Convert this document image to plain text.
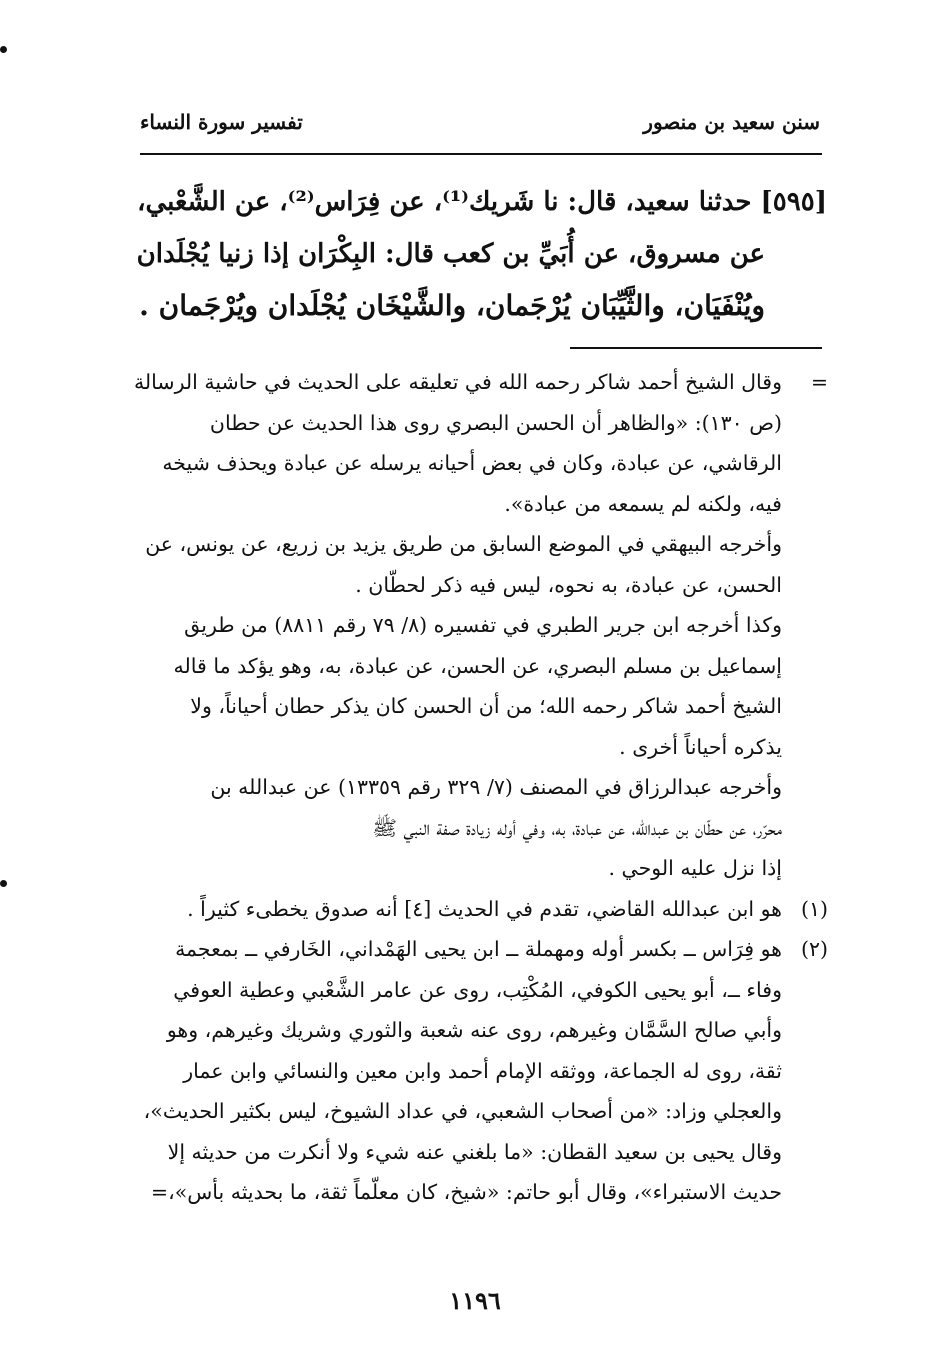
سنن سعيد بن منصور
تفسير سورة النساء
[٥٩٥] حدثنا سعيد، قال: نا شَريك⁽¹⁾، عن فِرَاس⁽²⁾، عن الشَّعْبي،
عن مسروق، عن أُبَيِّ بن كعب قال: البِكْرَان إذا زنيا يُجْلَدان
ويُنْفَيَان، والثَّيِّبَان يُرْجَمان، والشَّيْخَان يُجْلَدان ويُرْجَمان .
=
وقال الشيخ أحمد شاكر رحمه الله في تعليقه على الحديث في حاشية الرسالة
(ص ١٣٠): «والظاهر أن الحسن البصري روى هذا الحديث عن حطان
الرقاشي، عن عبادة، وكان في بعض أحيانه يرسله عن عبادة ويحذف شيخه
فيه، ولكنه لم يسمعه من عبادة».
وأخرجه البيهقي في الموضع السابق من طريق يزيد بن زريع، عن يونس، عن
الحسن، عن عبادة، به نحوه، ليس فيه ذكر لحطّان .
وكذا أخرجه ابن جرير الطبري في تفسيره (٨/ ٧٩ رقم ٨٨١١) من طريق
إسماعيل بن مسلم البصري، عن الحسن، عن عبادة، به، وهو يؤكد ما قاله
الشيخ أحمد شاكر رحمه الله؛ من أن الحسن كان يذكر حطان أحياناً، ولا
يذكره أحياناً أخرى .
وأخرجه عبدالرزاق في المصنف (٧/ ٣٢٩ رقم ١٣٣٥٩) عن عبدالله بن
محرّر، عن حطّان بن عبدالله، عن عبادة، به، وفي أوله زيادة صفة النبي ﷺ
إذا نزل عليه الوحي .
(١)
هو ابن عبدالله القاضي، تقدم في الحديث [٤] أنه صدوق يخطىء كثيراً .
(٢)
هو فِرَاس ــ بكسر أوله ومهملة ــ ابن يحيى الهَمْداني، الخَارفي ــ بمعجمة
وفاء ــ، أبو يحيى الكوفي، المُكْتِب، روى عن عامر الشَّعْبي وعطية العوفي
وأبي صالح السَّمَّان وغيرهم، روى عنه شعبة والثوري وشريك وغيرهم، وهو
ثقة، روى له الجماعة، ووثقه الإمام أحمد وابن معين والنسائي وابن عمار
والعجلي وزاد: «من أصحاب الشعبي، في عداد الشيوخ، ليس بكثير الحديث»،
وقال يحيى بن سعيد القطان: «ما بلغني عنه شيء ولا أنكرت من حديثه إلا
حديث الاستبراء»، وقال أبو حاتم: «شيخ، كان معلّماً ثقة، ما بحديثه بأس»،=
١١٩٦
